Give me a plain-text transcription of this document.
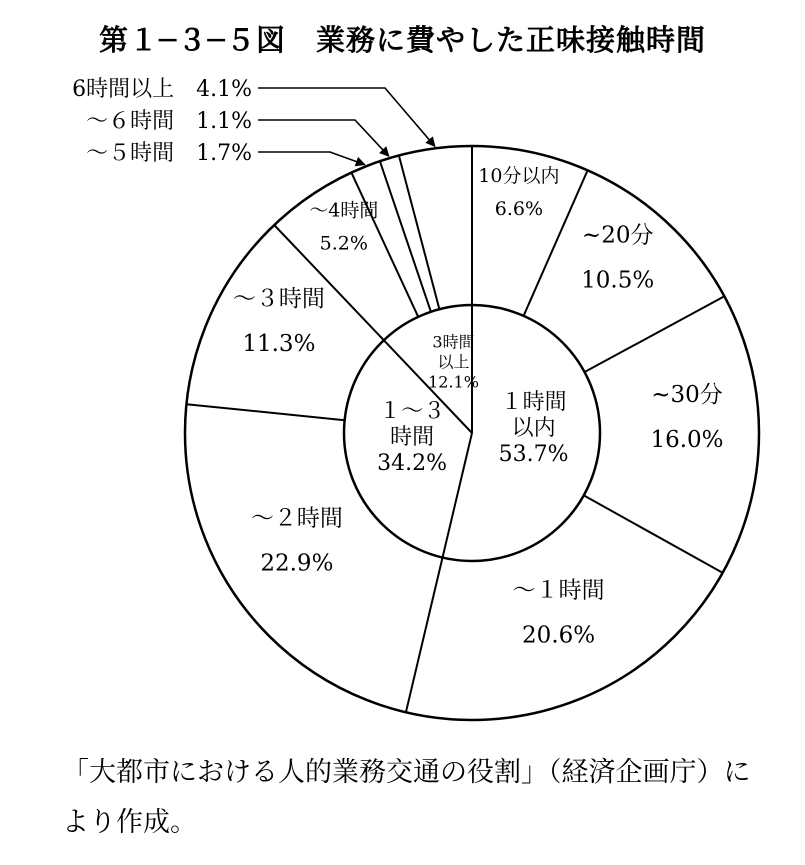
第１─３─５図　業務に費やした正味接触時間
10分以内
6.6%
~20分
10.5%
~30分
16.0%
～１時間
20.6%
～２時間
22.9%
～３時間
11.3%
～4時間
5.2%
１時間
以内
53.7%
１～３
時間
34.2%
3時間
以上
12.1%
6時間以上　4.1%
～６時間　1.1%
～５時間　1.7%
「大都市における人的業務交通の役割」（経済企画庁）により作成。
